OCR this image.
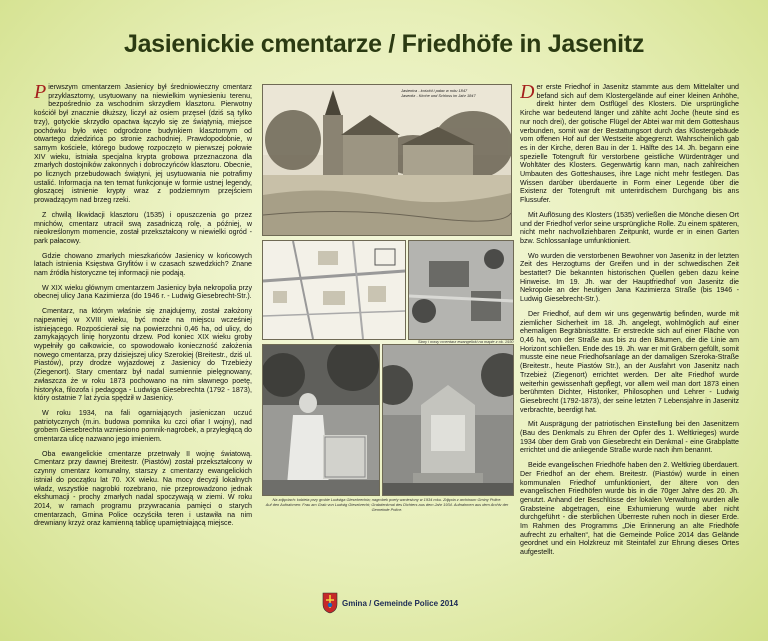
Jasienickie cmentarze / Friedhöfe in Jasenitz

Pierwszym cmentarzem Jasienicy był średniowieczny cmentarz przyklasztorny, usytuowany na niewielkim wyniesieniu terenu, bezpośrednio za wschodnim skrzydłem klasztoru. Pierwotny kościół był znacznie dłuższy, liczył aż osiem przęseł (dziś są tylko trzy), gotyckie skrzydło opactwa łączyło się ze świątynią, miejsce pochówku było więc odgrodzone budynkiem klasztornym od otwartego dziedzińca po stronie zachodniej. Prawdopodobnie, w samym kościele, którego budowę rozpoczęto w pierwszej połowie XIV wieku, istniała specjalna krypta grobowa przeznaczona dla zmarłych dostojników zakonnych i dobroczyńców klasztoru. Obecnie, po licznych przebudowach świątyni, jej usytuowania nie potrafimy ustalić. Informacja na ten temat funkcjonuje w formie ustnej legendy, głoszącej istnienie krypty wraz z podziemnym przejściem prowadzącym nad brzeg rzeki.

Z chwilą likwidacji klasztoru (1535) i opuszczenia go przez mnichów, cmentarz utracił swą zasadniczą rolę, a później, w nieokreślonym momencie, został przekształcony w niewielki ogród - park pałacowy.

Gdzie chowano zmarłych mieszkańców Jasienicy w końcowych latach istnienia Księstwa Gryfitów i w czasach szwedzkich? Znane nam źródła historyczne tej informacji nie podają.

W XIX wieku głównym cmentarzem Jasienicy była nekropolia przy obecnej ulicy Jana Kazimierza (do 1946 r. - Ludwig Giesebrecht-Str.).

Cmentarz, na którym właśnie się znajdujemy, został założony najpewniej w XVIII wieku, być może na miejscu wcześniej istniejącego. Rozpościerał się na powierzchni 0,46 ha, od ulicy, do zamykających linię horyzontu drzew. Pod koniec XIX wieku groby wypełniły go całkowicie, co spowodowało konieczność założenia nowego cmentarza, przy dzisiejszej ulicy Szerokiej (Breitestr., dziś ul. Piastów), przy drodze wyjazdowej z Jasienicy do Trzebieży (Ziegenort). Stary cmentarz był nadal sumiennie pielęgnowany, zwłaszcza że w roku 1873 pochowano na nim sławnego poetę, historyka, filozofa i pedagoga - Ludwiga Giesebrechta (1792 - 1873), który ostatnie 7 lat życia spędził w Jasienicy.

W roku 1934, na fali ogarniających jasieniczan uczuć patriotycznych (m.in. budowa pomnika ku czci ofiar I wojny), nad grobem Giesebrechta wzniesiono pomnik-nagrobek, a przyległącą do cmentarza ulicę nazwano jego imieniem.

Oba ewangelickie cmentarze przetrwały II wojnę światową. Cmentarz przy dawnej Breitestr. (Piastów) został przekształcony w czynny cmentarz komunalny, starszy z cmentarzy ewangelickich istniał do początku lat 70. XX wieku. Na mocy decyzji lokalnych władz, wszystkie nagrobki rozebrano, nie przeprowadzono jednak ekshumacji - prochy zmarłych nadal spoczywają w ziemi. W roku 2014, w ramach programu przywracania pamięci o starych cmentarzach, Gmina Police oczyściła teren i ustawiła na nim drewniany krzyż oraz kamienną tablicę upamiętniającą miejsce.

Der erste Friedhof in Jasenitz stammte aus dem Mittelalter und befand sich auf dem Klostergelände auf einer kleinen Anhöhe, direkt hinter dem Ostflügel des Klosters. Die ursprüngliche Kirche war bedeutend länger und zählte acht Joche (heute sind es nur noch drei), der gotische Flügel der Abtei war mit dem Gotteshaus verbunden, somit war der Bestattungsort durch das Klostergebäude vom offenen Hof auf der Westseite abgegrenzt. Wahrscheinlich gab es in der Kirche, deren Bau in der 1. Hälfte des 14. Jh. begann eine spezielle Totengruft für verstorbene geistliche Würdenträger und Wohltäter des Klosters. Gegenwärtig kann man, nach zahlreichen Umbauten des Gotteshauses, ihre Lage nicht mehr festlegen. Das Wissen darüber überdauerte in Form einer Legende über die Existenz der Totengruft mit unterirdischem Durchgang bis ans Flussufer.

Mit Auflösung des Klosters (1535) verließen die Mönche diesen Ort und der Friedhof verlor seine ursprüngliche Rolle. Zu einem späteren, nicht mehr nachvollziehbaren Zeitpunkt, wurde er in einen Garten bzw. Schlossanlage umfunktioniert.

Wo wurden die verstorbenen Bewohner von Jasenitz in der letzten Zeit des Herzogtums der Greifen und in der schwedischen Zeit bestattet? Die bekannten historischen Quellen geben dazu keine Hinweise. Im 19. Jh. war der Hauptfriedhof von Jasenitz die Nekropole an der heutigen Jana Kazimierza Straße (bis 1946 - Ludwig Giesebrecht-Str.).

Der Friedhof, auf dem wir uns gegenwärtig befinden, wurde mit ziemlicher Sicherheit im 18. Jh. angelegt, wohlmöglich auf einer ehemaligen Begräbnisstätte. Er erstreckte sich auf einer Fläche von 0,46 ha, von der Straße aus bis zu den Bäumen, die die Linie am Horizont schließen. Ende des 19. Jh. war er mit Gräbern gefüllt, somit musste eine neue Friedhofsanlage an der damaligen Szeroka-Straße (Breitestr., heute Piastów Str.), an der Ausfahrt von Jasenitz nach Trzebież (Ziegenort) errichtet werden. Der alte Friedhof wurde weiterhin gewissenhaft gepflegt, vor allem weil man dort 1873 einen berühmten Dichter, Historiker, Philosophen und Lehrer - Ludwig Giesebrecht (1792-1873), der seine letzten 7 Lebensjahre in Jasenitz verbrachte, beerdigt hat.

Mit Ausprägung der patriotischen Einstellung bei den Jasenitzern (Bau des Denkmals zu Ehren der Opfer des 1. Weltkrieges) wurde 1934 über dem Grab von Giesebrecht ein Denkmal - eine Grabplatte errichtet und die anliegende Straße wurde nach ihm benannt.

Beide evangelischen Friedhöfe haben den 2. Weltkrieg überdauert. Der Friedhof an der ehem. Breitestr. (Piastów) wurde in einen kommunalen Friedhof umfunktioniert, der ältere von den evangelischen Friedhöfen wurde bis in die 70ger Jahre des 20. Jh. genutzt. Anhand der Beschlüsse der lokalen Verwaltung wurden alle Grabsteine abgetragen, eine Exhumierung wurde aber nicht durchgeführt - die sterblichen Überreste ruhen noch in dieser Erde. Im Rahmen des Programms „Die Erinnerung an alte Friedhöfe aufrecht zu erhalten“, hat die Gemeinde Police 2014 das Gelände geordnet und ein Holzkreuz mit Steintafel zur Ehrung dieses Ortes aufgestellt.

Jasienica - kościół i pałac w roku 1847
Jasenitz - Kirche und Schloss im Jahr 1847
Stary i nowy cmentarz ewangelicki na mapie z ok. 1930

Na zdjęciach: kobieta przy grobie Ludwiga Giesebrechta; nagrobek poety wzniesiony w 1934 roku. Zdjęcia z archiwum Gminy Police.
Auf den Aufnahmen: Frau am Grab von Ludwig Giesebrecht; Grabdenkmal des Dichters aus dem Jahr 1934. Aufnahmen aus dem Archiv der Gemeinde Police.
Gmina / Gemeinde Police 2014
